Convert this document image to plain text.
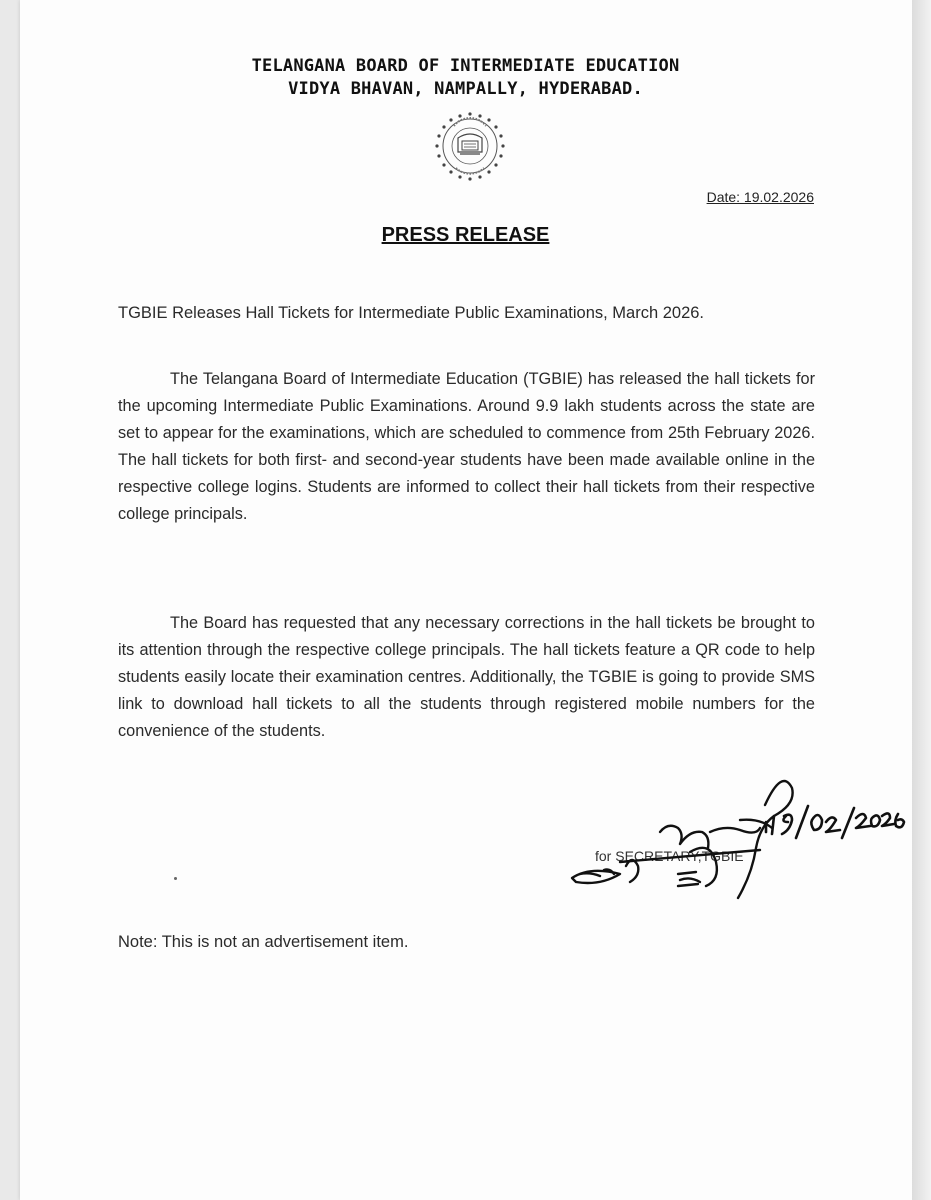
TELANGANA BOARD OF INTERMEDIATE EDUCATION
VIDYA BHAVAN, NAMPALLY, HYDERABAD.
Date: 19.02.2026
PRESS RELEASE
TGBIE Releases Hall Tickets for Intermediate Public Examinations, March 2026.

The Telangana Board of Intermediate Education (TGBIE) has released the hall tickets for the upcoming Intermediate Public Examinations. Around 9.9 lakh students across the state are set to appear for the examinations, which are scheduled to commence from 25th February 2026. The hall tickets for both first- and second-year students have been made available online in the respective college logins. Students are informed to collect their hall tickets from their respective college principals.

The Board has requested that any necessary corrections in the hall tickets be brought to its attention through the respective college principals. The hall tickets feature a QR code to help students easily locate their examination centres. Additionally, the TGBIE is going to provide SMS link to download hall tickets to all the students through registered mobile numbers for the convenience of the students.

for SECRETARY,TGBIE
Note: This is not an advertisement item.
